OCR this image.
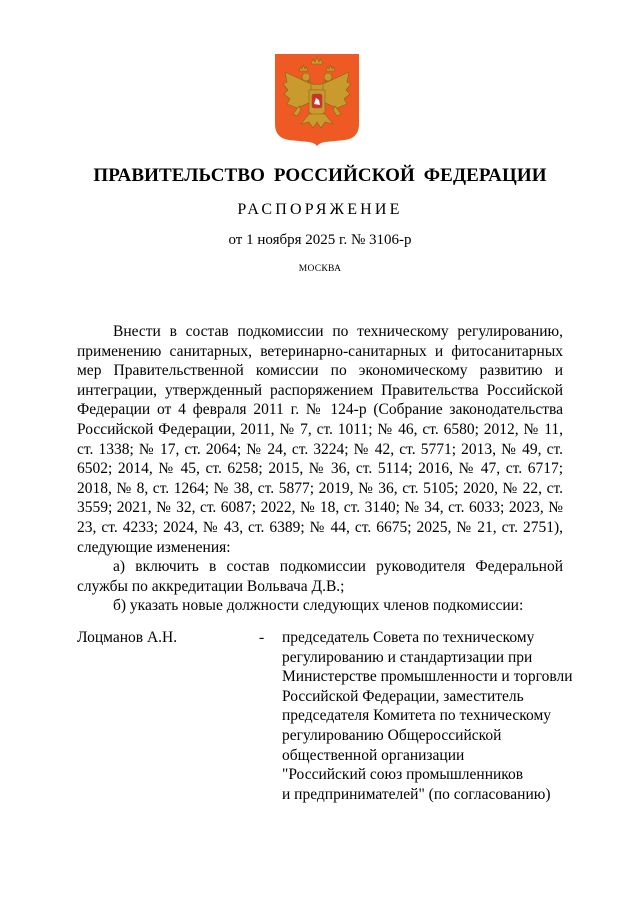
ПРАВИТЕЛЬСТВО РОССИЙСКОЙ ФЕДЕРАЦИИ
РАСПОРЯЖЕНИЕ
от 1 ноября 2025 г. № 3106-р
МОСКВА

Внести в состав подкомиссии по техническому регулированию, применению санитарных, ветеринарно-санитарных и фитосанитарных мер Правительственной комиссии по экономическому развитию и интеграции, утвержденный распоряжением Правительства Российской Федерации от 4 февраля 2011 г. № 124-р (Собрание законодательства Российской Федерации, 2011, № 7, ст. 1011; № 46, ст. 6580; 2012, № 11, ст. 1338; № 17, ст. 2064; № 24, ст. 3224; № 42, ст. 5771; 2013, № 49, ст. 6502; 2014, № 45, ст. 6258; 2015, № 36, ст. 5114; 2016, № 47, ст. 6717; 2018, № 8, ст. 1264; № 38, ст. 5877; 2019, № 36, ст. 5105; 2020, № 22, ст. 3559; 2021, № 32, ст. 6087; 2022, № 18, ст. 3140; № 34, ст. 6033; 2023, № 23, ст. 4233; 2024, № 43, ст. 6389; № 44, ст. 6675; 2025, № 21, ст. 2751), следующие изменения:

а) включить в состав подкомиссии руководителя Федеральной службы по аккредитации Вольвача Д.В.;

б) указать новые должности следующих членов подкомиссии:

Лоцманов А.Н.	- председатель Совета по техническому
регулированию и стандартизации при
Министерстве промышленности и торговли
Российской Федерации, заместитель
председателя Комитета по техническому
регулированию Общероссийской
общественной организации
"Российский союз промышленников
и предпринимателей" (по согласованию)
